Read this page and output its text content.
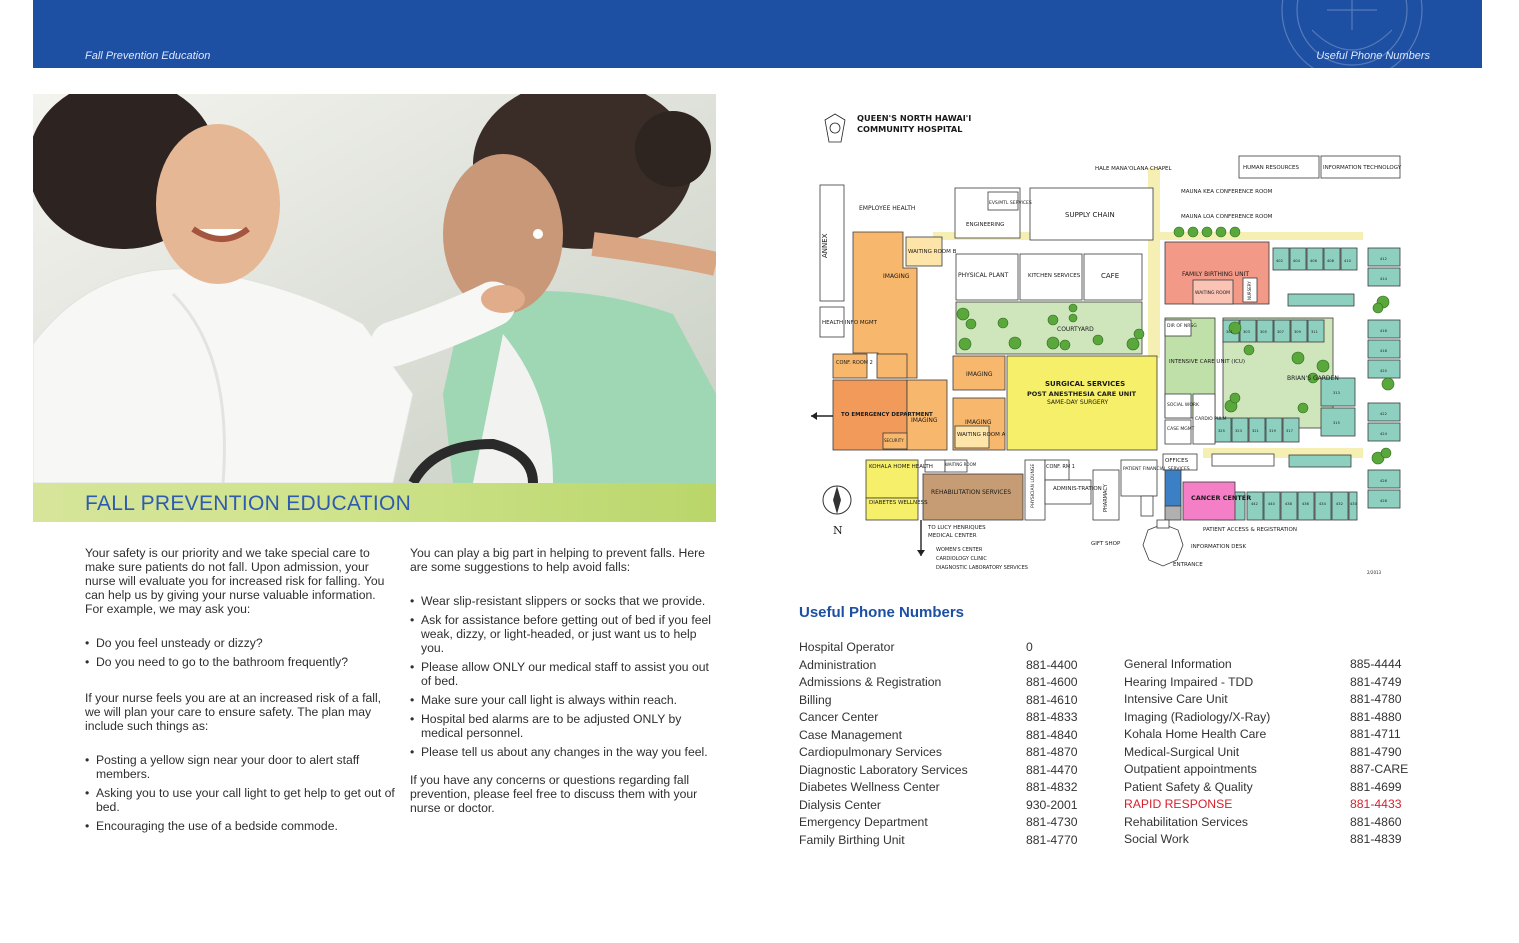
Fall Prevention Education	Useful Phone Numbers
FALL PREVENTION EDUCATION

Your safety is our priority and we take special care to make sure patients do not fall. Upon admission, your nurse will evaluate you for increased risk for falling. You can help us by giving your nurse valuable information. For example, we may ask you:

• Do you feel unsteady or dizzy?
• Do you need to go to the bathroom frequently?

If your nurse feels you are at an increased risk of a fall, we will plan your care to ensure safety. The plan may include such things as:

• Posting a yellow sign near your door to alert staff members.
• Asking you to use your call light to get help to get out of bed.
• Encouraging the use of a bedside commode.

You can play a big part in helping to prevent falls. Here are some suggestions to help avoid falls:

• Wear slip-resistant slippers or socks that we provide.
• Ask for assistance before getting out of bed if you feel weak, dizzy, or light-headed, or just want us to help you.
• Please allow ONLY our medical staff to assist you out of bed.
• Make sure your call light is always within reach.
• Hospital bed alarms are to be adjusted ONLY by medical personnel.
• Please tell us about any changes in the way you feel.

If you have any concerns or questions regarding fall prevention, please feel free to discuss them with your nurse or doctor.

QUEEN'S NORTH HAWAI'I
COMMUNITY HOSPITAL
ANNEX
EMPLOYEE HEALTH
HEALTH INFO MGMT
IMAGING
WAITING ROOM B
EVS/MTL SERVICES
ENGINEERING
SUPPLY CHAIN
HALE MANA'OLANA CHAPEL	HUMAN RESOURCES	INFORMATION TECHNOLOGY
MAUNA KEA CONFERENCE ROOM
MAUNA LOA CONFERENCE ROOM
PHYSICAL PLANT	KITCHEN SERVICES	CAFE	FAMILY BIRTHING UNIT
WAITING ROOM	NURSERY
COURTYARD	DIR OF NRSG
INTENSIVE CARE UNIT (ICU)
BRIAN'S GARDEN
CONF. ROOM 2
IMAGING
SURGICAL SERVICES
POST ANESTHESIA CARE UNIT
SAME-DAY SURGERY
TO EMERGENCY DEPARTMENT
IMAGING
SECURITY
IMAGING
WAITING ROOM A
SOCIAL WORK
CASE MGMT
CARDIO PULM
OFFICES
KOHALA HOME HEALTH
DIABETES WELLNESS
WAITING ROOM
REHABILITATION SERVICES	PHYSICIAN LOUNGE CONF. RM 1
ADMINIS-TRATION PHARMACY
PATIENT FINANCIAL SERVICES
CANCER CENTER
PATIENT ACCESS & REGISTRATION
INFORMATION DESK
GIFT SHOP
ENTRANCE
TO LUCY HENRIQUES
MEDICAL CENTER
WOMEN'S CENTER
CARDIOLOGY CLINIC
DIAGNOSTIC LABORATORY SERVICES
N
2/2013
402	404	406	408	410	412
414
416
418
420
422
424
426
428
301	303	305	307	309	311
325	323	321	319	317
313
315
442	440	438	436	434	432 430
Useful Phone Numbers
Hospital Operator	0
Administration	881-4400
Admissions & Registration	881-4600
Billing	881-4610
Cancer Center	881-4833
Case Management	881-4840
Cardiopulmonary Services	881-4870
Diagnostic Laboratory Services	881-4470
Diabetes Wellness Center	881-4832
Dialysis Center	930-2001
Emergency Department	881-4730
Family Birthing Unit	881-4770
General Information	885-4444
Hearing Impaired - TDD	881-4749
Intensive Care Unit	881-4780
Imaging (Radiology/X-Ray)	881-4880
Kohala Home Health Care	881-4711
Medical-Surgical Unit	881-4790
Outpatient appointments	887-CARE
Patient Safety & Quality	881-4699
RAPID RESPONSE	881-4433
Rehabilitation Services	881-4860
Social Work	881-4839
